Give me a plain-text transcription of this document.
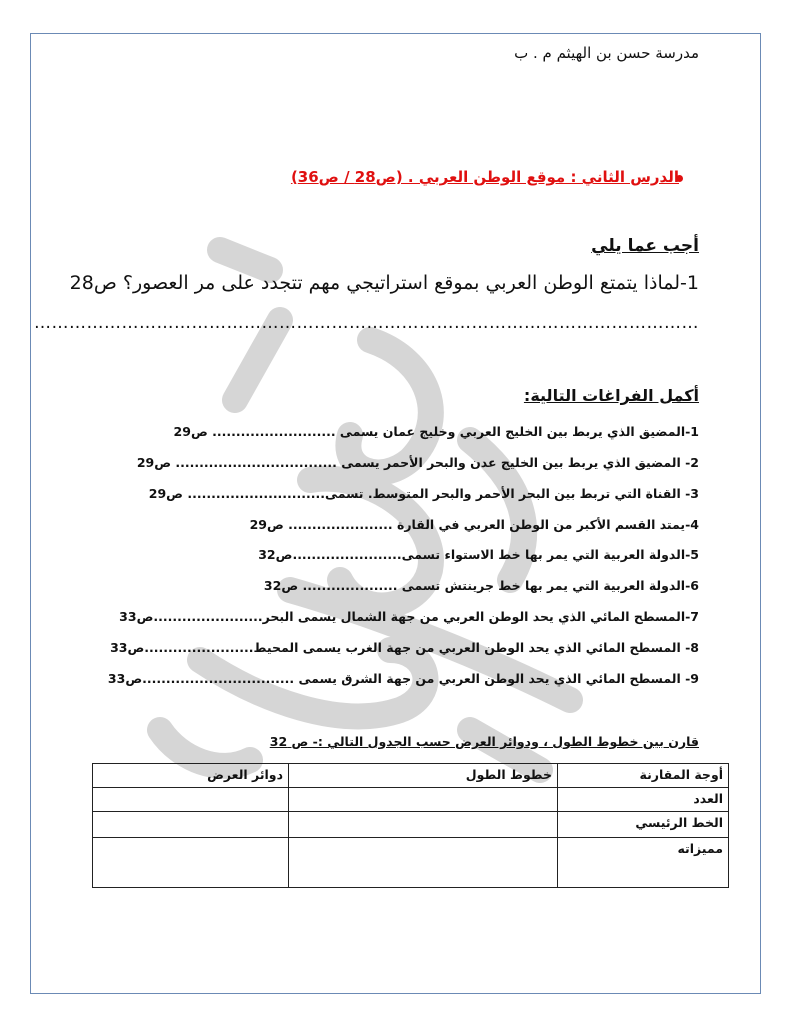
مدرسة حسن بن الهيثم م . ب
الدرس الثاني : موقع الوطن العربي . (ص28 / ص36)
أجب عما يلي
1-لماذا يتمتع الوطن العربي بموقع استراتيجي مهم تتجدد على مر العصور؟ ص28
……………………………………………………………………………………………………
أكمل الفراغات التالية:
1-المضيق الذي يربط بين الخليج العربي وخليج عمان يسمى .......................... ص29
2- المضيق الذي يربط بين الخليج عدن والبحر الأحمر يسمى .................................. ص29
3- القناة التي تربط بين البحر الأحمر والبحر المتوسط. تسمى............................. ص29
4-يمتد القسم الأكبر من الوطن العربي في القارة ...................... ص29
5-الدولة العربية التي يمر بها خط الاستواء تسمى.......................ص32
6-الدولة العربية التي يمر بها خط جرينتش تسمى .................... ص32
7-المسطح المائي الذي يحد الوطن العربي من جهة الشمال يسمى البحر.......................ص33
8- المسطح المائي الذي يحد الوطن العربي من جهة الغرب يسمى المحيط.......................ص33
9- المسطح المائي الذي يحد الوطن العربي من جهة الشرق يسمى ................................ص33
قارن بين خطوط الطول ، ودوائر العرض حسب الجدول التالي :- ص 32
أوجة المقارنة	خطوط الطول	دوائر العرض
العدد		
الخط الرئيسي		
مميزاته		
